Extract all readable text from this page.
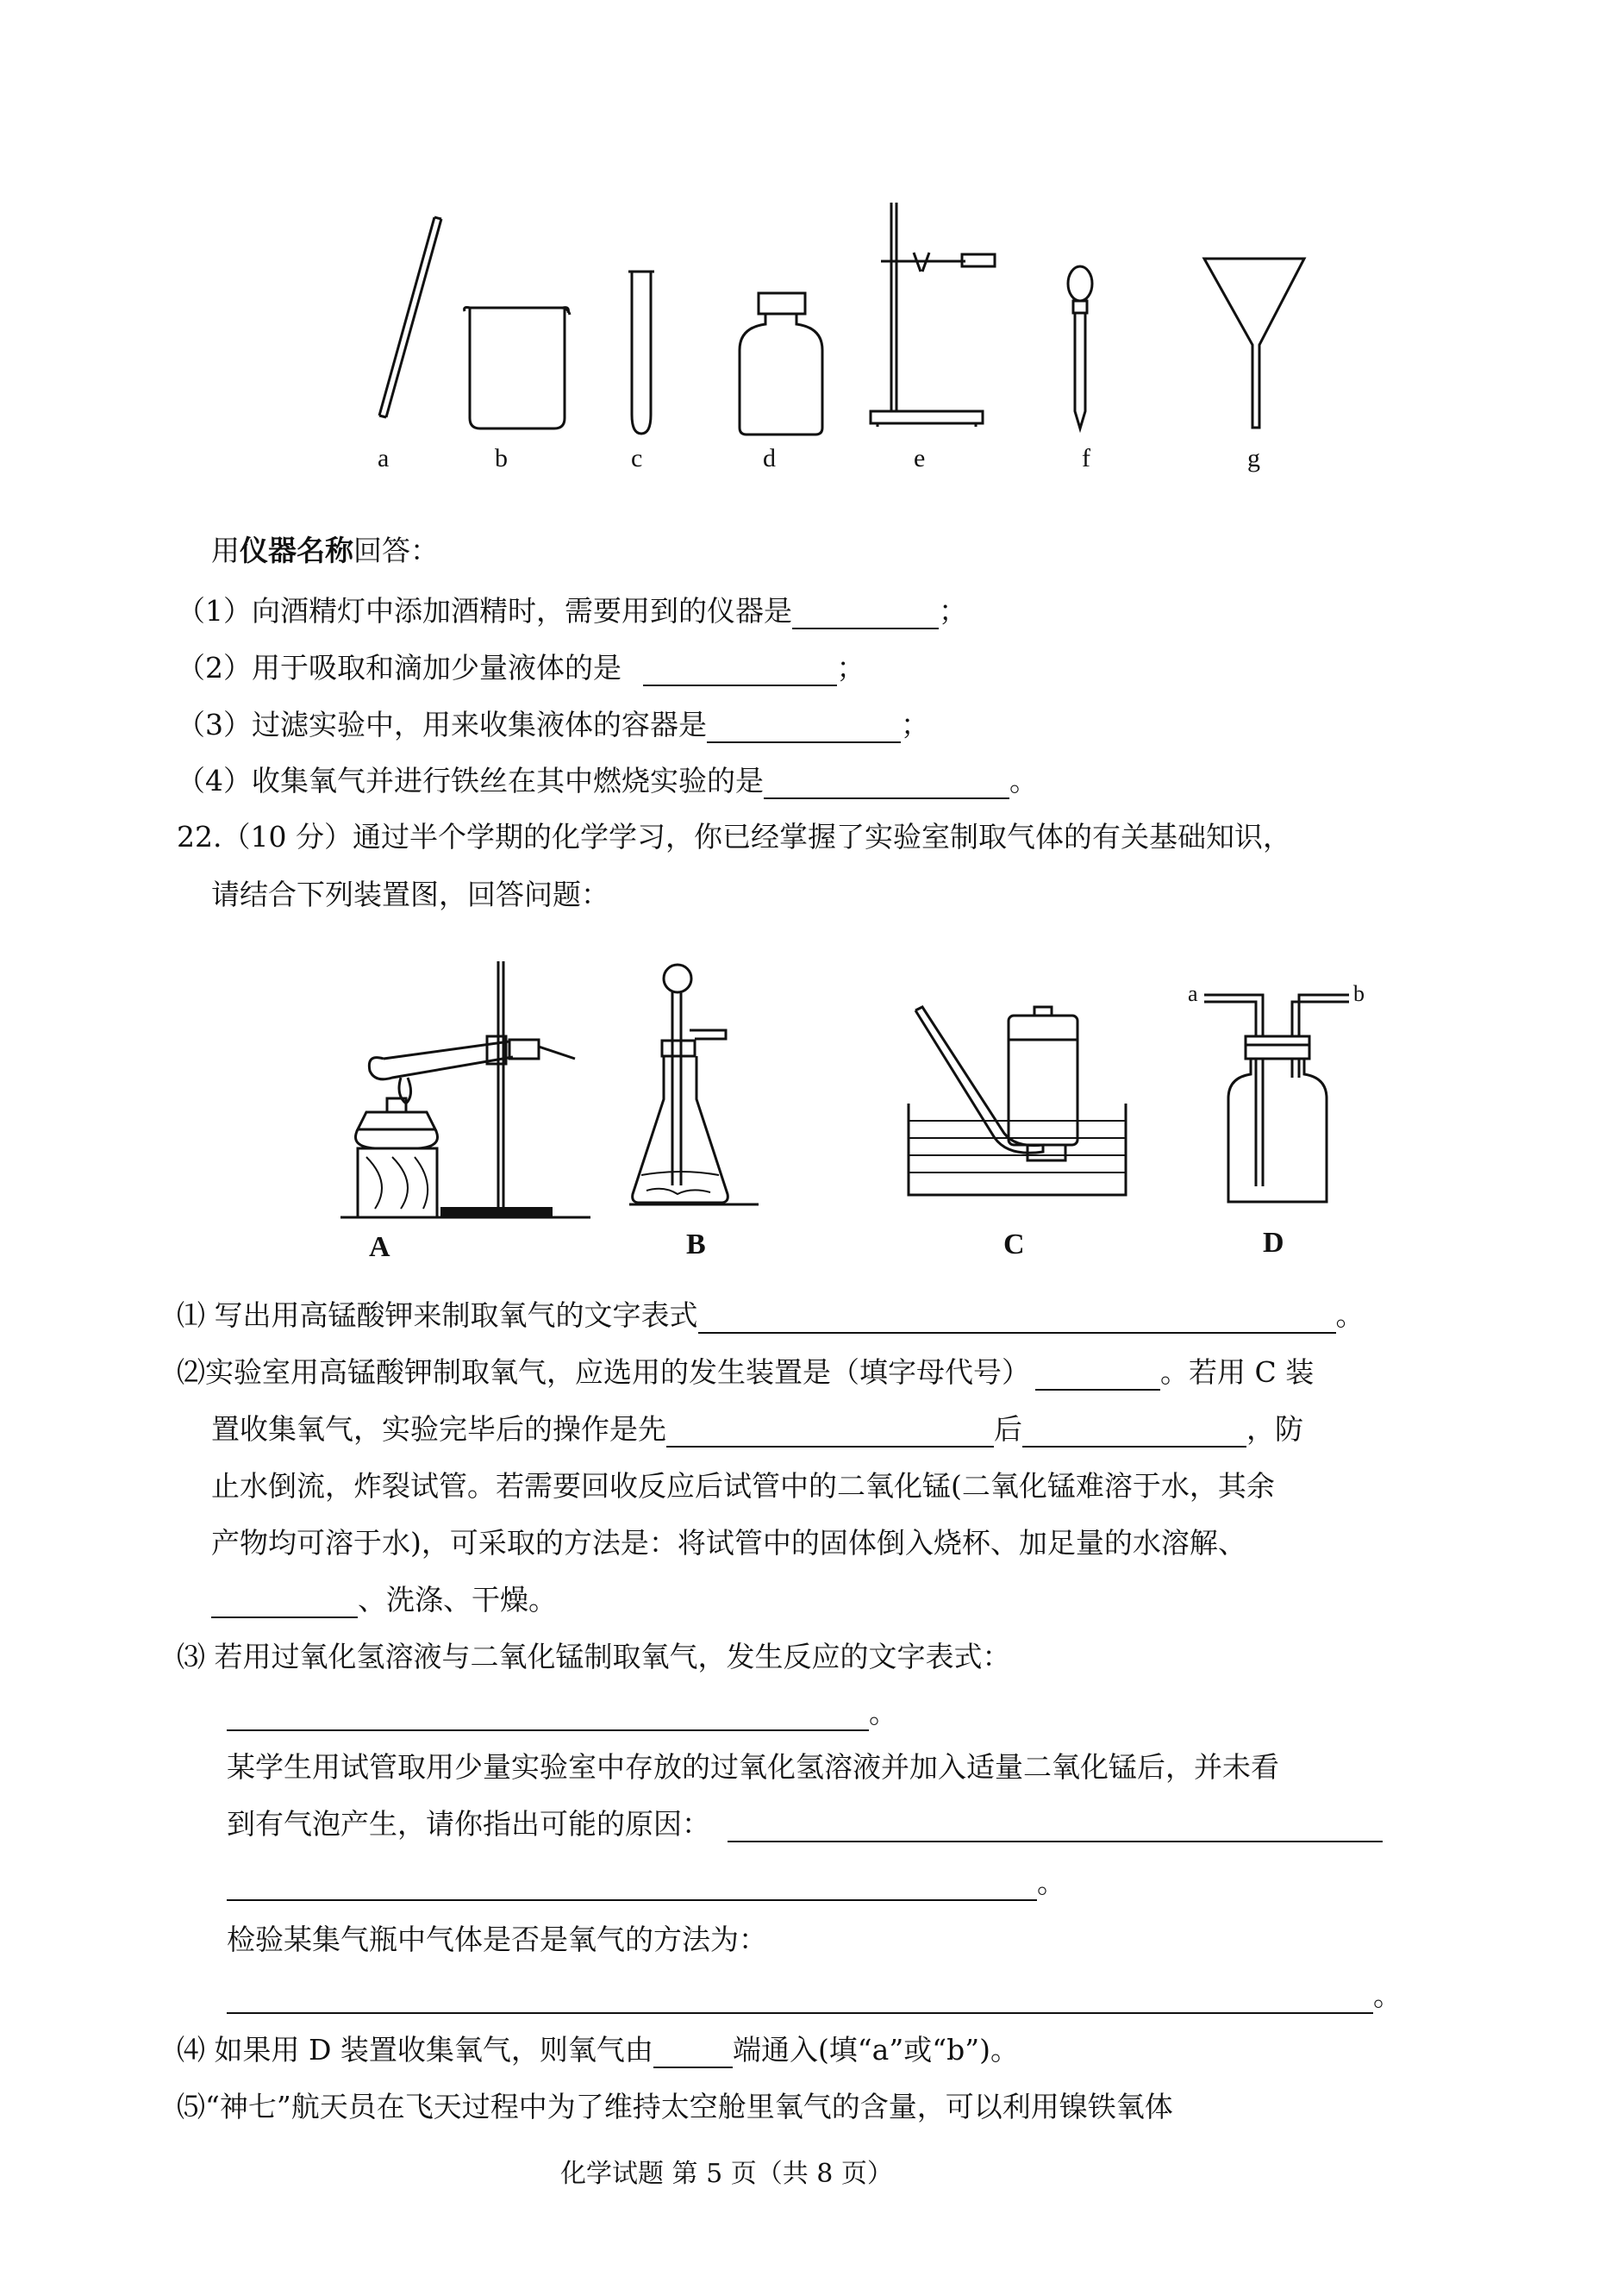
a	b	c	d	e	f	g
用仪器名称回答：
（1）向酒精灯中添加酒精时，需要用到的仪器是	；
（2）用于吸取和滴加少量液体的是	；
（3）过滤实验中，用来收集液体的容器是	；
（4）收集氧气并进行铁丝在其中燃烧实验的是	。
22.（10 分）通过半个学期的化学学习，你已经掌握了实验室制取气体的有关基础知识，
请结合下列装置图，回答问题：
a	b
A	B	C	D
⑴ 写出用高锰酸钾来制取氧气的文字表式	。
⑵实验室用高锰酸钾制取氧气，应选用的发生装置是（填字母代号）	。若用 C 装
置收集氧气，实验完毕后的操作是先	后	，防
止水倒流，炸裂试管。若需要回收反应后试管中的二氧化锰(二氧化锰难溶于水，其余
产物均可溶于水)，可采取的方法是：将试管中的固体倒入烧杯、加足量的水溶解、
、洗涤、干燥。
⑶ 若用过氧化氢溶液与二氧化锰制取氧气，发生反应的文字表式：
。
某学生用试管取用少量实验室中存放的过氧化氢溶液并加入适量二氧化锰后，并未看
到有气泡产生，请你指出可能的原因：
。
检验某集气瓶中气体是否是氧气的方法为：
。
⑷ 如果用 D 装置收集氧气，则氧气由	端通入(填“a”或“b”)。
⑸“神七”航天员在飞天过程中为了维持太空舱里氧气的含量，可以利用镍铁氧体
化学试题 第 5 页（共 8 页）
